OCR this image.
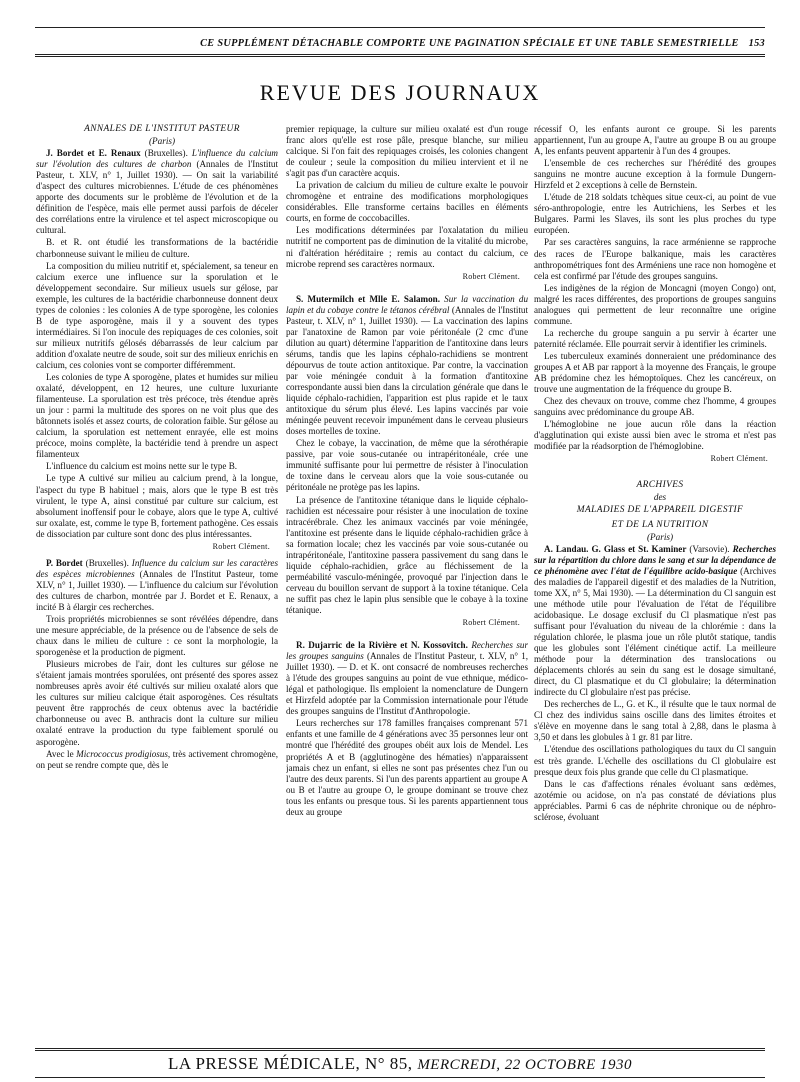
CE SUPPLÉMENT DÉTACHABLE COMPORTE UNE PAGINATION SPÉCIALE ET UNE TABLE SEMESTRIELLE 153
REVUE DES JOURNAUX

ANNALES DE L'INSTITUT PASTEUR

(Paris)

J. Bordet et E. Renaux (Bruxelles). L'influence du calcium sur l'évolution des cultures de charbon (Annales de l'Institut Pasteur, t. XLV, n° 1, Juillet 1930). — On sait la variabilité d'aspect des cultures microbiennes. L'étude de ces phénomènes apporte des documents sur le problème de l'évolution et de la définition de l'espèce, mais elle permet aussi parfois de déceler des corrélations entre la virulence et tel aspect microscopique ou cultural.

B. et R. ont étudié les transformations de la bactéridie charbonneuse suivant le milieu de culture.

La composition du milieu nutritif et, spécialement, sa teneur en calcium exerce une influence sur la sporulation et le développement secondaire. Sur milieux usuels sur gélose, par exemple, les cultures de la bactéridie charbonneuse donnent deux types de colonies : les colonies A de type sporogène, les colonies B de type asporogène, mais il y a souvent des types intermédiaires. Si l'on inocule des repiquages de ces colonies, soit sur milieux nutritifs gélosés débarrassés de leur calcium par addition d'oxalate neutre de soude, soit sur des milieux enrichis en calcium, ces colonies vont se comporter différemment.

Les colonies de type A sporogène, plates et humides sur milieu oxalaté, développent, en 12 heures, une culture luxuriante filamenteuse. La sporulation est très précoce, très étendue après un jour : parmi la multitude des spores on ne voit plus que des bâtonnets isolés et assez courts, de coloration faible. Sur gélose au calcium, la sporulation est nettement enrayée, elle est moins précoce, moins complète, la bactéridie tend à prendre un aspect filamenteux

L'influence du calcium est moins nette sur le type B.

Le type A cultivé sur milieu au calcium prend, à la longue, l'aspect du type B habituel ; mais, alors que le type B est très virulent, le type A, ainsi constitué par culture sur calcium, est absolument inoffensif pour le cobaye, alors que le type A, cultivé sur oxalate, est, comme le type B, fortement pathogène. Ces essais de dissociation par culture sont donc des plus intéressantes.

Robert Clément.

P. Bordet (Bruxelles). Influence du calcium sur les caractères des espèces microbiennes (Annales de l'Institut Pasteur, tome XLV, n° 1, Juillet 1930). — L'influence du calcium sur l'évolution des cultures de charbon, montrée par J. Bordet et E. Renaux, a incité B à élargir ces recherches.

Trois propriétés microbiennes se sont révélées dépendre, dans une mesure appréciable, de la présence ou de l'absence de sels de chaux dans le milieu de culture : ce sont la morphologie, la sporogenèse et la production de pigment.

Plusieurs microbes de l'air, dont les cultures sur gélose ne s'étaient jamais montrées sporulées, ont présenté des spores assez nombreuses après avoir été cultivés sur milieu oxalaté alors que les cultures sur milieu calcique était asporogènes. Ces résultats peuvent être rapprochés de ceux obtenus avec la bactéridie charbonneuse ou avec B. anthracis dont la culture sur milieu oxalaté entrave la production du type faiblement sporulé ou asporogène.

Avec le Micrococcus prodigiosus, très activement chromogène, on peut se rendre compte que, dès le

premier repiquage, la culture sur milieu oxalaté est d'un rouge franc alors qu'elle est rose pâle, presque blanche, sur milieu calcique. Si l'on fait des repiquages croisés, les colonies changent de couleur ; seule la composition du milieu intervient et il ne s'agit pas d'un caractère acquis.

La privation de calcium du milieu de culture exalte le pouvoir chromogène et entraine des modifications morphologiques considérables. Elle transforme certains bacilles en éléments courts, en forme de coccobacilles.

Les modifications déterminées par l'oxalatation du milieu nutritif ne comportent pas de diminution de la vitalité du microbe, ni d'altération héréditaire ; remis au contact du calcium, ce microbe reprend ses caractères normaux.

Robert Clément.

S. Mutermilch et Mlle E. Salamon. Sur la vaccination du lapin et du cobaye contre le tétanos cérébral (Annales de l'Institut Pasteur, t. XLV, n° 1, Juillet 1930). — La vaccination des lapins par l'anatoxine de Ramon par voie péritonéale (2 cmc d'une dilution au quart) détermine l'apparition de l'antitoxine dans leurs sérums, tandis que les lapins céphalo-rachidiens se montrent dépourvus de toute action antitoxique. Par contre, la vaccination par voie méningée conduit à la formation d'antitoxine correspondante aussi bien dans la circulation générale que dans le liquide céphalo-rachidien, l'apparition est plus rapide et le taux antitoxique du sérum plus élevé. Les lapins vaccinés par voie méningée peuvent recevoir impunément dans le cerveau plusieurs doses mortelles de toxine.

Chez le cobaye, la vaccination, de même que la sérothérapie passive, par voie sous-cutanée ou intrapéritonéale, crée une immunité suffisante pour lui permettre de résister à l'inoculation de toxine dans le cerveau alors que la voie sous-cutanée ou péritonéale ne protège pas les lapins.

La présence de l'antitoxine tétanique dans le liquide céphalo-rachidien est nécessaire pour résister à une inoculation de toxine intracérébrale. Chez les animaux vaccinés par voie méningée, l'antitoxine est présente dans le liquide céphalo-rachidien grâce à sa formation locale; chez les vaccinés par voie sous-cutanée ou intrapéritonéale, l'antitoxine passera passivement du sang dans le liquide céphalo-rachidien, grâce au fléchissement de la perméabilité vasculo-méningée, provoqué par l'injection dans le cerveau du bouillon servant de support à la toxine tétanique. Cela ne suffit pas chez le lapin plus sensible que le cobaye à la toxine tétanique.

Robert Clément.

R. Dujarric de la Rivière et N. Kossovitch. Recherches sur les groupes sanguins (Annales de l'Institut Pasteur, t. XLV, n° 1, Juillet 1930). — D. et K. ont consacré de nombreuses recherches à l'étude des groupes sanguins au point de vue ethnique, médico-légal et pathologique. Ils emploient la nomenclature de Dungern et Hirzfeld adoptée par la Commission internationale pour l'étude des groupes sanguins de l'Institut d'Anthropologie.

Leurs recherches sur 178 familles françaises comprenant 571 enfants et une famille de 4 générations avec 35 personnes leur ont montré que l'hérédité des groupes obéit aux lois de Mendel. Les propriétés A et B (agglutinogène des hématies) n'apparaissent jamais chez un enfant, si elles ne sont pas présentes chez l'un ou l'autre des deux parents. Si l'un des parents appartient au groupe A ou B et l'autre au groupe O, le groupe dominant se trouve chez tous les enfants ou presque tous. Si les parents appartiennent tous deux au groupe

récessif O, les enfants auront ce groupe. Si les parents appartiennent, l'un au groupe A, l'autre au groupe B ou au groupe A, les enfants peuvent appartenir à l'un des 4 groupes.

L'ensemble de ces recherches sur l'hérédité des groupes sanguins ne montre aucune exception à la formule Dungern-Hirzfeld et 2 exceptions à celle de Bernstein.

L'étude de 218 soldats tchèques situe ceux-ci, au point de vue séro-anthropologie, entre les Autrichiens, les Serbes et les Bulgares. Parmi les Slaves, ils sont les plus proches du type européen.

Par ses caractères sanguins, la race arménienne se rapproche des races de l'Europe balkanique, mais les caractères anthropométriques font des Arméniens une race non homogène et cela est confirmé par l'étude des groupes sanguins.

Les indigènes de la région de Moncagni (moyen Congo) ont, malgré les races différentes, des proportions de groupes sanguins analogues qui permettent de leur reconnaître une origine commune.

La recherche du groupe sanguin a pu servir à écarter une paternité réclamée. Elle pourrait servir à identifier les criminels.

Les tuberculeux examinés donneraient une prédominance des groupes A et AB par rapport à la moyenne des Français, le groupe AB prédomine chez les hémoptoïques. Chez les cancéreux, on trouve une augmentation de la fréquence du groupe B.

Chez des chevaux on trouve, comme chez l'homme, 4 groupes sanguins avec prédominance du groupe AB.

L'hémoglobine ne joue aucun rôle dans la réaction d'agglutination qui existe aussi bien avec le stroma et n'est pas modifiée par la réadsorption de l'hémoglobine.

Robert Clément.

ARCHIVES

des

MALADIES DE L'APPAREIL DIGESTIF

ET DE LA NUTRITION

(Paris)

A. Landau. G. Glass et St. Kaminer (Varsovie). Recherches sur la répartition du chlore dans le sang et sur la dépendance de ce phénomène avec l'état de l'équilibre acido-basique (Archives des maladies de l'appareil digestif et des maladies de la Nutrition, tome XX, n° 5, Mai 1930). — La détermination du Cl sanguin est une méthode utile pour l'évaluation de l'état de l'équilibre acidobasique. Le dosage exclusif du Cl plasmatique n'est pas suffisant pour l'évaluation du niveau de la chlorémie : dans la régulation chlorée, le plasma joue un rôle plutôt statique, tandis que les globules sont l'élément cinétique actif. La meilleure méthode pour la détermination des translocations ou déplacements chlorés au sein du sang est le dosage simultané, direct, du Cl plasmatique et du Cl globulaire; la détermination indirecte du Cl globulaire n'est pas précise.

Des recherches de L., G. et K., il résulte que le taux normal de Cl chez des individus sains oscille dans des limites étroites et s'élève en moyenne dans le sang total à 2,88, dans le plasma à 3,50 et dans les globules à 1 gr. 81 par litre.

L'étendue des oscillations pathologiques du taux du Cl sanguin est très grande. L'échelle des oscillations du Cl globulaire est presque deux fois plus grande que celle du Cl plasmatique.

Dans le cas d'affections rénales évoluant sans œdèmes, azotémie ou acidose, on n'a pas constaté de déviations plus appréciables. Parmi 6 cas de néphrite chronique ou de néphro-sclérose, évoluant

LA PRESSE MÉDICALE, N° 85, MERCREDI, 22 OCTOBRE 1930
